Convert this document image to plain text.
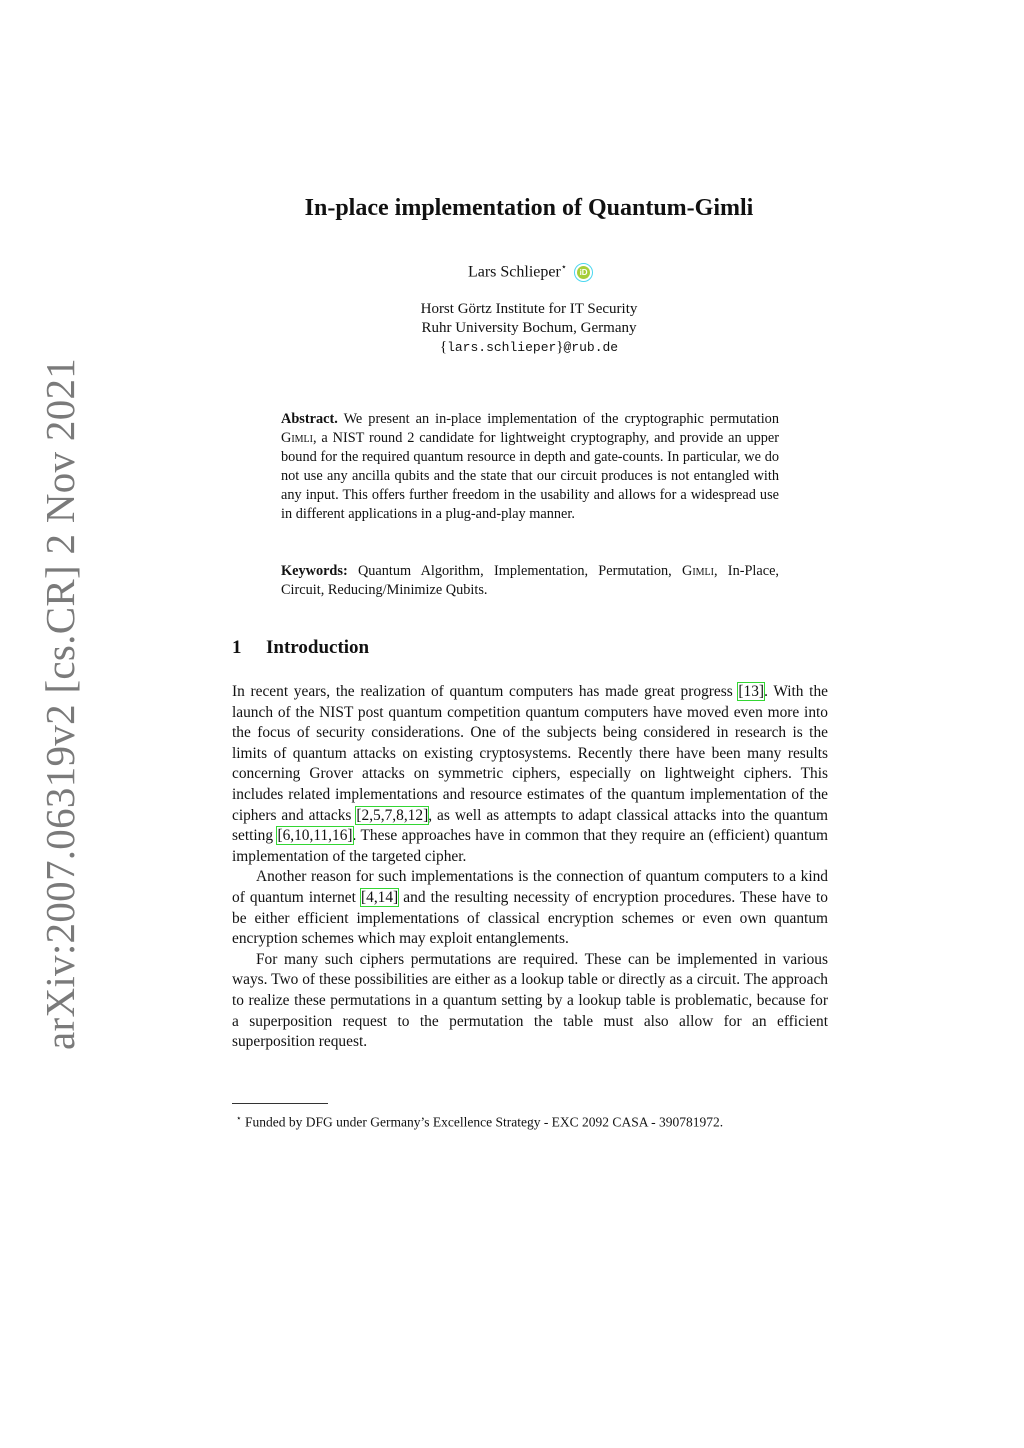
arXiv:2007.06319v2 [cs.CR] 2 Nov 2021
In-place implementation of Quantum-Gimli
Lars Schlieper⋆ iD
Horst Görtz Institute for IT Security
Ruhr University Bochum, Germany
{lars.schlieper}@rub.de
Abstract. We present an in-place implementation of the cryptographic permutation Gimli, a NIST round 2 candidate for lightweight cryptography, and provide an upper bound for the required quantum resource in depth and gate-counts. In particular, we do not use any ancilla qubits and the state that our circuit produces is not entangled with any input. This offers further freedom in the usability and allows for a widespread use in different applications in a plug-and-play manner.
Keywords: Quantum Algorithm, Implementation, Permutation, Gimli, In-Place, Circuit, Reducing/Minimize Qubits.
1 Introduction

In recent years, the realization of quantum computers has made great progress [13]. With the launch of the NIST post quantum competition quantum computers have moved even more into the focus of security considerations. One of the subjects being considered in research is the limits of quantum attacks on existing cryptosystems. Recently there have been many results concerning Grover attacks on symmetric ciphers, especially on lightweight ciphers. This includes related implementations and resource estimates of the quantum implementation of the ciphers and attacks [2,5,7,8,12], as well as attempts to adapt classical attacks into the quantum setting [6,10,11,16]. These approaches have in common that they require an (efficient) quantum implementation of the targeted cipher.

Another reason for such implementations is the connection of quantum computers to a kind of quantum internet [4,14] and the resulting necessity of encryption procedures. These have to be either efficient implementations of classical encryption schemes or even own quantum encryption schemes which may exploit entanglements.

For many such ciphers permutations are required. These can be implemented in various ways. Two of these possibilities are either as a lookup table or directly as a circuit. The approach to realize these permutations in a quantum setting by a lookup table is problematic, because for a superposition request to the permutation the table must also allow for an efficient superposition request.

⋆ Funded by DFG under Germany’s Excellence Strategy - EXC 2092 CASA - 390781972.
